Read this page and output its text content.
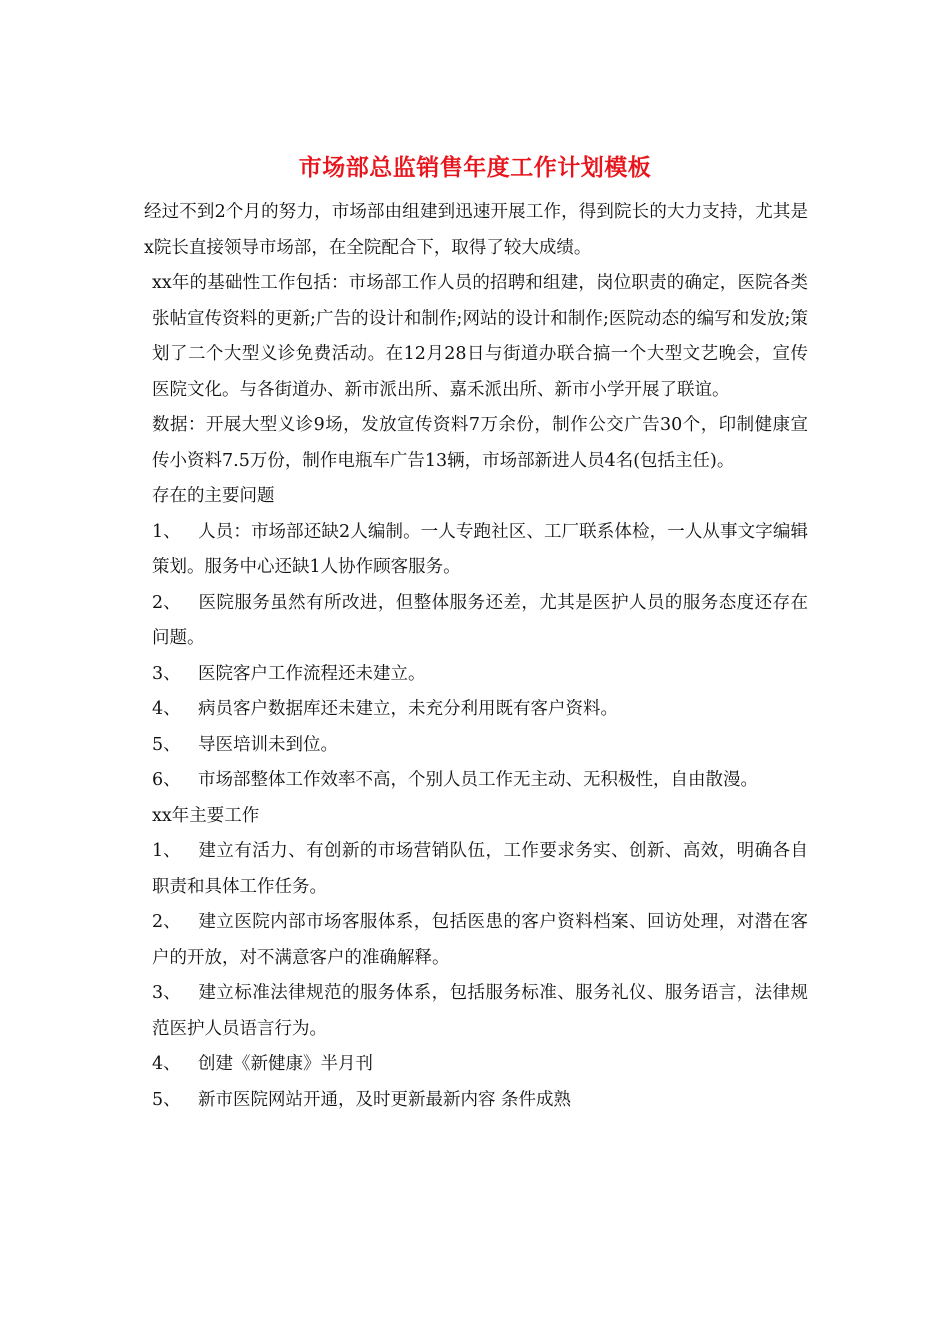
市场部总监销售年度工作计划模板

经过不到2个月的努力，市场部由组建到迅速开展工作，得到院长的大力支持，尤其是x院长直接领导市场部，在全院配合下，取得了较大成绩。

xx年的基础性工作包括：市场部工作人员的招聘和组建，岗位职责的确定，医院各类张帖宣传资料的更新;广告的设计和制作;网站的设计和制作;医院动态的编写和发放;策划了二个大型义诊免费活动。在12月28日与街道办联合搞一个大型文艺晚会，宣传医院文化。与各街道办、新市派出所、嘉禾派出所、新市小学开展了联谊。

数据：开展大型义诊9场，发放宣传资料7万余份，制作公交广告30个，印制健康宣传小资料7.5万份，制作电瓶车广告13辆，市场部新进人员4名(包括主任)。

存在的主要问题

1、 人员：市场部还缺2人编制。一人专跑社区、工厂联系体检，一人从事文字编辑策划。服务中心还缺1人协作顾客服务。

2、 医院服务虽然有所改进，但整体服务还差，尤其是医护人员的服务态度还存在问题。

3、 医院客户工作流程还未建立。

4、 病员客户数据库还未建立，未充分利用既有客户资料。

5、 导医培训未到位。

6、 市场部整体工作效率不高，个别人员工作无主动、无积极性，自由散漫。

xx年主要工作

1、 建立有活力、有创新的市场营销队伍，工作要求务实、创新、高效，明确各自职责和具体工作任务。

2、 建立医院内部市场客服体系，包括医患的客户资料档案、回访处理，对潜在客户的开放，对不满意客户的准确解释。

3、 建立标准法律规范的服务体系，包括服务标准、服务礼仪、服务语言，法律规范医护人员语言行为。

4、 创建《新健康》半月刊

5、 新市医院网站开通，及时更新最新内容 条件成熟
